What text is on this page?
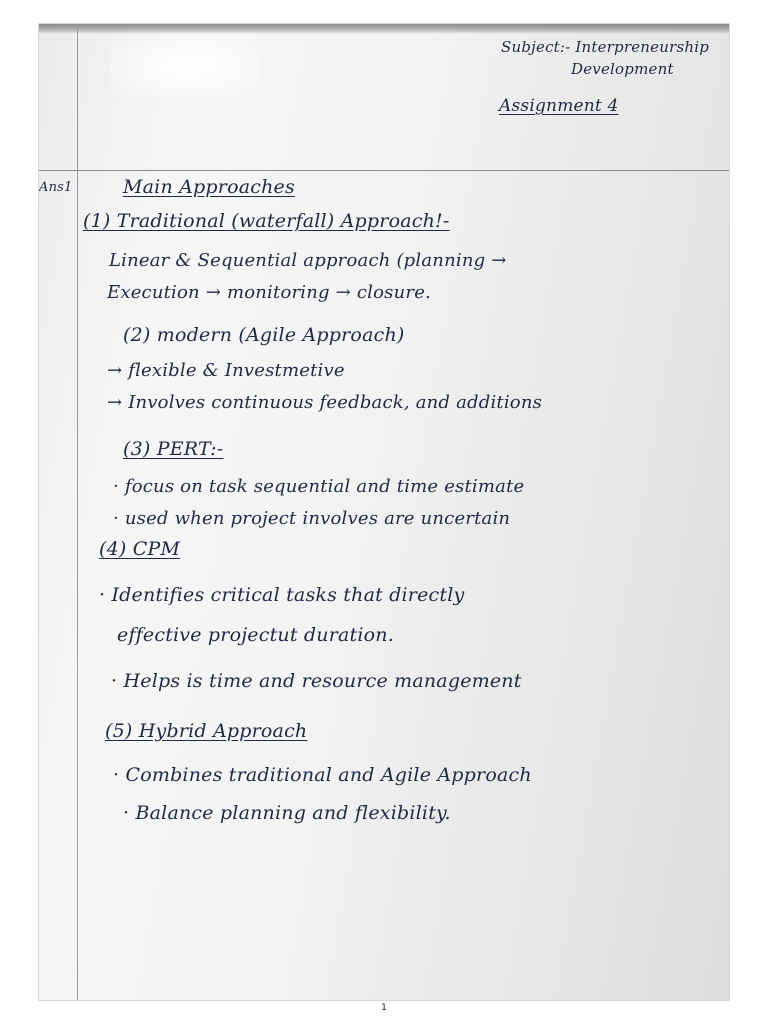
Subject:- Interpreneurship
Development
Assignment 4
Ans1	Main Approaches
(1) Traditional (waterfall) Approach!-
Linear & Sequential approach (planning →
Execution → monitoring → closure.
(2) modern (Agile Approach)
→ flexible & Investmetive
→ Involves continuous feedback, and additions
(3) PERT:-
· focus on task sequential and time estimate
· used when project involves are uncertain
(4) CPM
· Identifies critical tasks that directly
effective projectut duration.
· Helps is time and resource management
(5) Hybrid Approach
· Combines traditional and Agile Approach
· Balance planning and flexibility.
1
